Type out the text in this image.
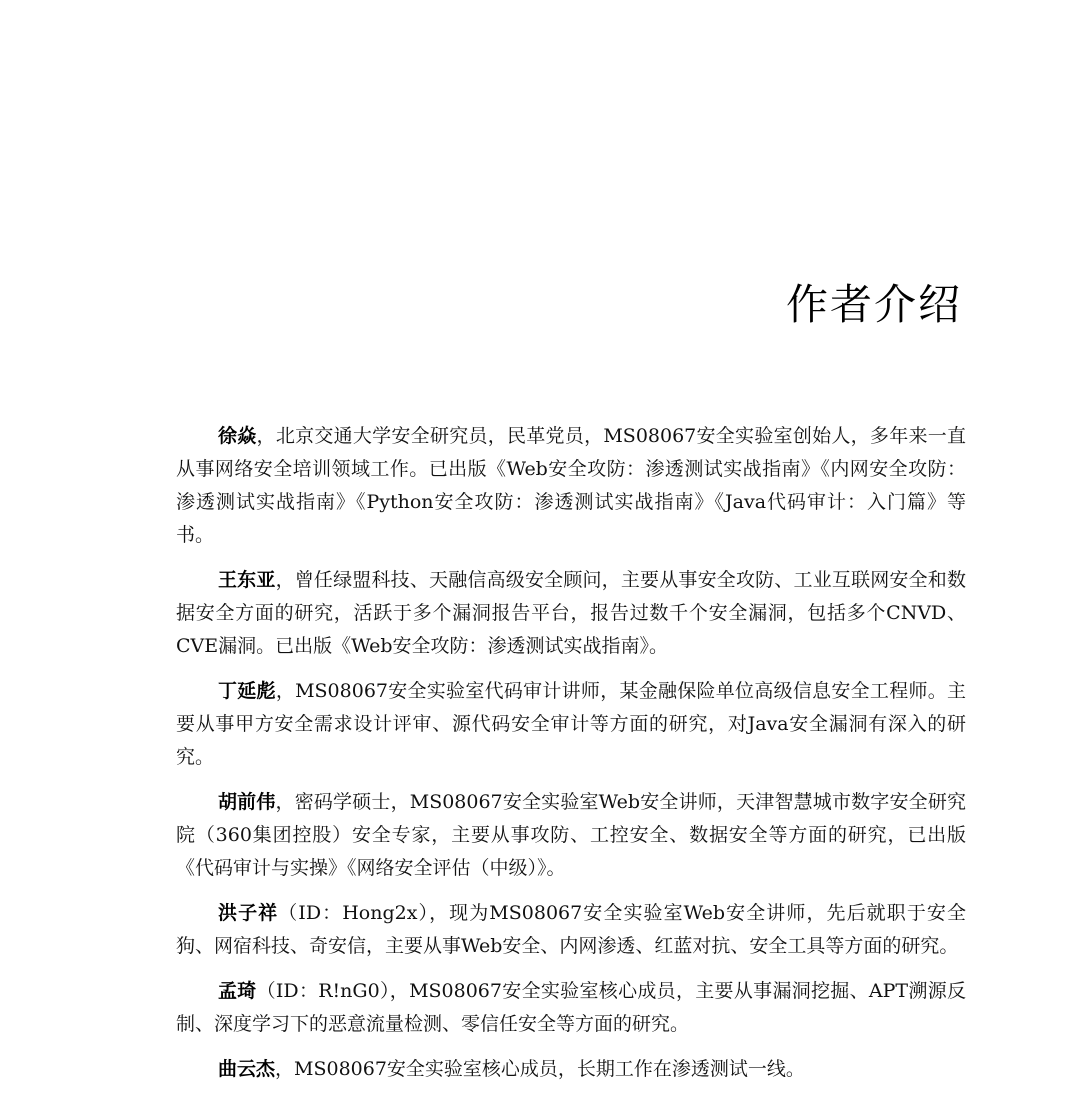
作者介绍

徐焱，北京交通大学安全研究员，民革党员，MS08067安全实验室创始人，多年来一直从事网络安全培训领域工作。已出版《Web安全攻防：渗透测试实战指南》《内网安全攻防：渗透测试实战指南》《Python安全攻防：渗透测试实战指南》《Java代码审计：入门篇》等书。

王东亚，曾任绿盟科技、天融信高级安全顾问，主要从事安全攻防、工业互联网安全和数据安全方面的研究，活跃于多个漏洞报告平台，报告过数千个安全漏洞，包括多个CNVD、CVE漏洞。已出版《Web安全攻防：渗透测试实战指南》。

丁延彪，MS08067安全实验室代码审计讲师，某金融保险单位高级信息安全工程师。主要从事甲方安全需求设计评审、源代码安全审计等方面的研究，对Java安全漏洞有深入的研究。

胡前伟，密码学硕士，MS08067安全实验室Web安全讲师，天津智慧城市数字安全研究院（360集团控股）安全专家，主要从事攻防、工控安全、数据安全等方面的研究，已出版《代码审计与实操》《网络安全评估（中级）》。

洪子祥（ID：Hong2x），现为MS08067安全实验室Web安全讲师，先后就职于安全狗、网宿科技、奇安信，主要从事Web安全、内网渗透、红蓝对抗、安全工具等方面的研究。

孟琦（ID：R!nG0），MS08067安全实验室核心成员，主要从事漏洞挖掘、APT溯源反制、深度学习下的恶意流量检测、零信任安全等方面的研究。

曲云杰，MS08067安全实验室核心成员，长期工作在渗透测试一线。
